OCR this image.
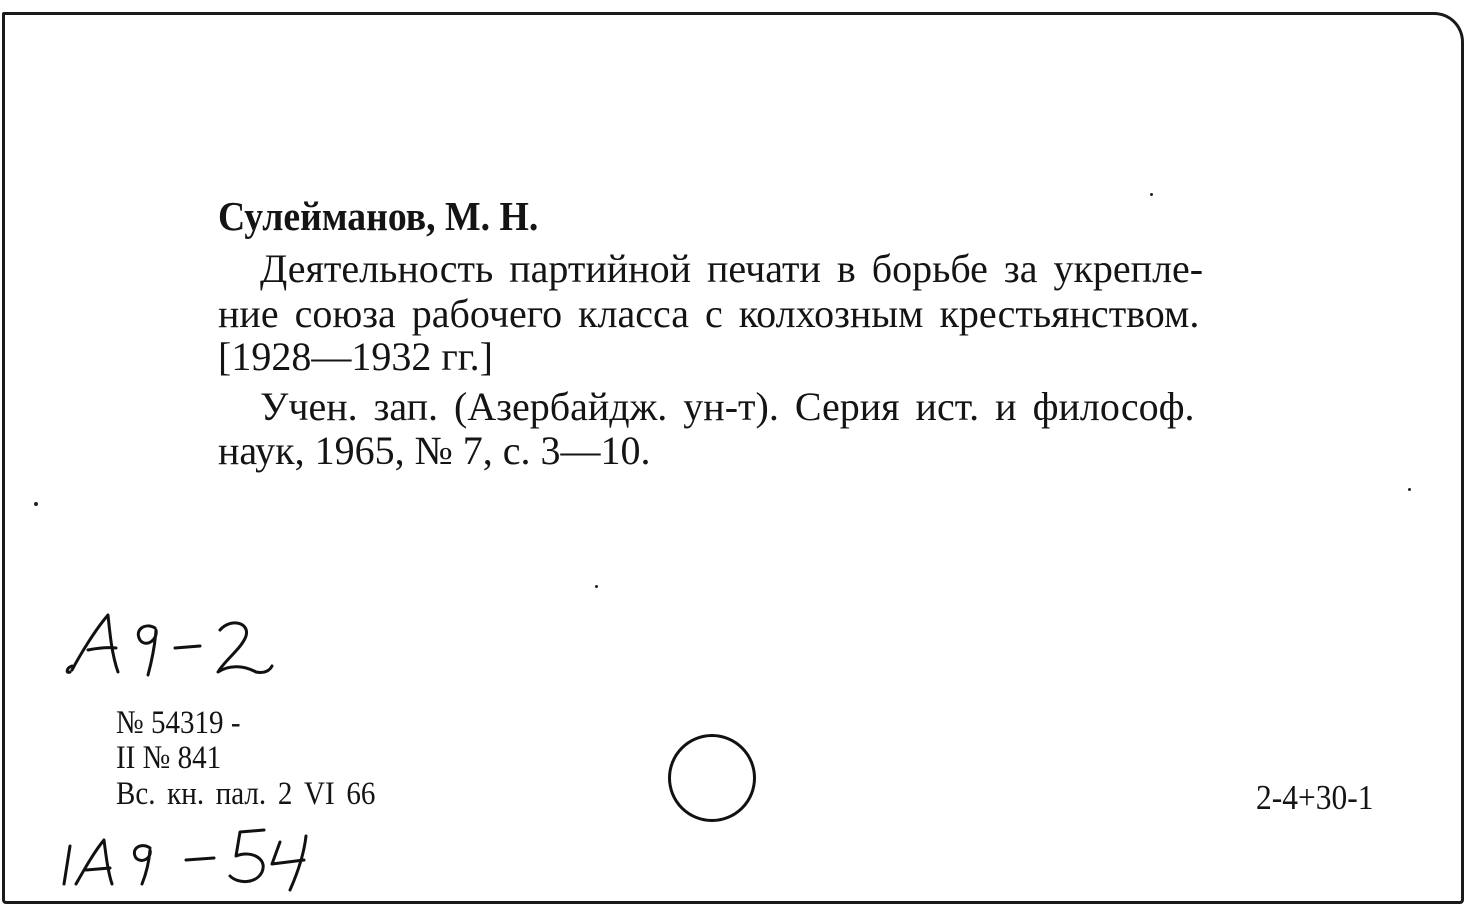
Сулейманов, М. Н.
Деятельность партийной печати в борьбе за укрепле-
ние союза рабочего класса с колхозным крестьянством.
[1928—1932 гг.]
Учен. зап. (Азербайдж. ун-т). Серия ист. и философ.
наук, 1965, № 7, с. 3—10.
№ 54319 -
II № 841
Вс. кн. пал. 2 VI 66	2-4+30-1
